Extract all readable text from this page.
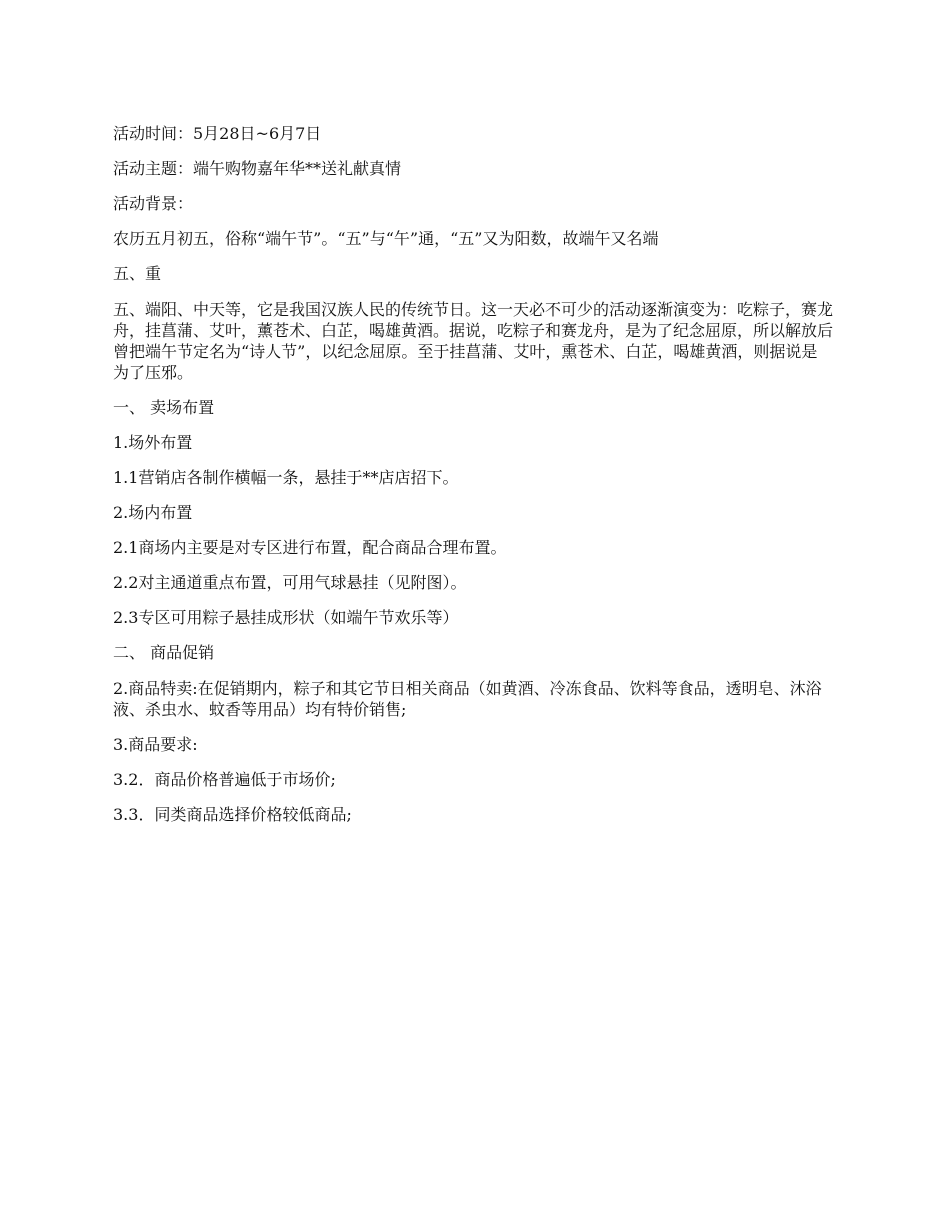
活动时间：5月28日~6月7日

活动主题：端午购物嘉年华**送礼献真情

活动背景：

农历五月初五，俗称“端午节”。“五”与“午”通，“五”又为阳数，故端午又名端

五、重

五、端阳、中天等，它是我国汉族人民的传统节日。这一天必不可少的活动逐渐演变为：吃粽子，赛龙舟，挂菖蒲、艾叶，薰苍术、白芷，喝雄黄酒。据说，吃粽子和赛龙舟，是为了纪念屈原，所以解放后曾把端午节定名为“诗人节”，以纪念屈原。至于挂菖蒲、艾叶，熏苍术、白芷，喝雄黄酒，则据说是为了压邪。

一、 卖场布置

1.场外布置

1.1营销店各制作横幅一条，悬挂于**店店招下。

2.场内布置

2.1商场内主要是对专区进行布置，配合商品合理布置。

2.2对主通道重点布置，可用气球悬挂（见附图）。

2.3专区可用粽子悬挂成形状（如端午节欢乐等）

二、 商品促销

2.商品特卖:在促销期内，粽子和其它节日相关商品（如黄酒、冷冻食品、饮料等食品，透明皂、沐浴液、杀虫水、蚊香等用品）均有特价销售;

3.商品要求:

3.2．商品价格普遍低于市场价;

3.3．同类商品选择价格较低商品;
